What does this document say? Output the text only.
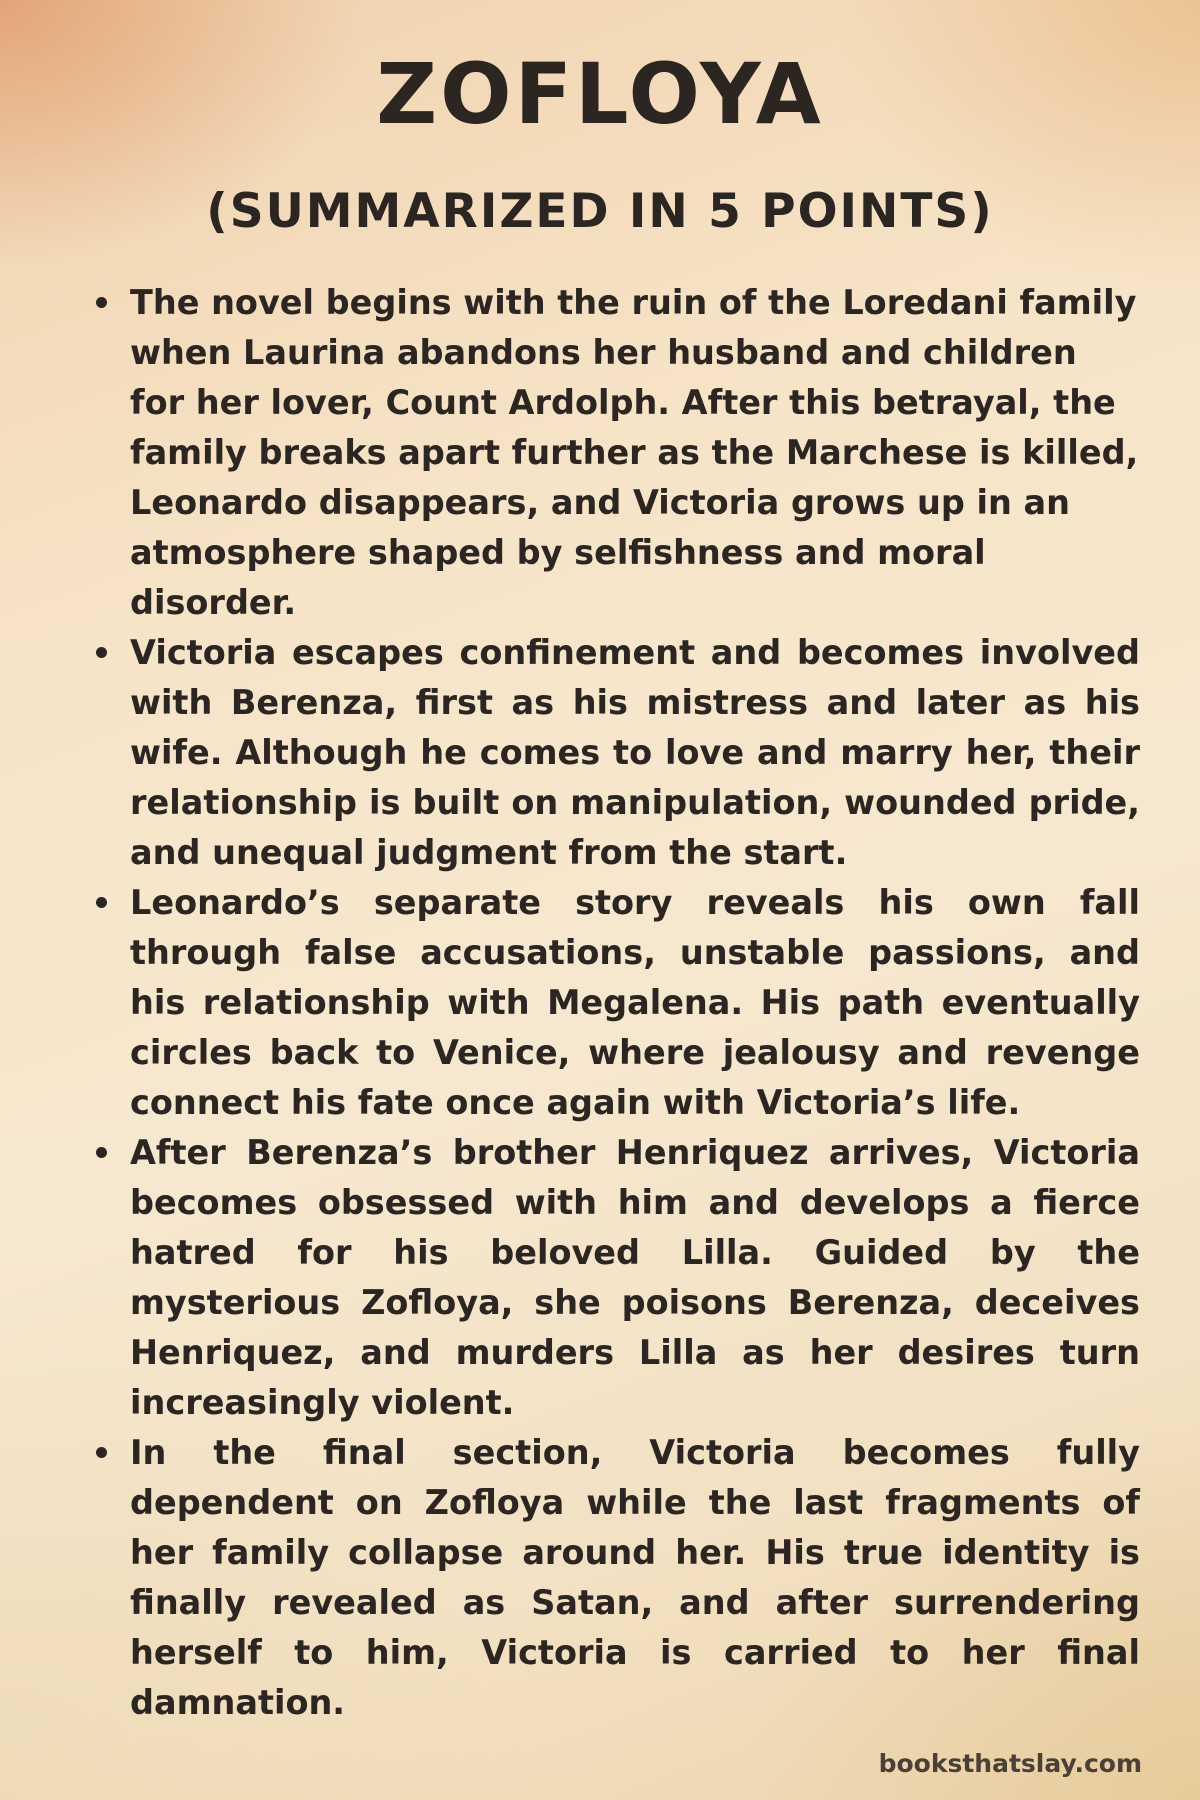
ZOFLOYA
(SUMMARIZED IN 5 POINTS)
The novel begins with the ruin of the Loredani family when Laurina abandons her husband and children for her lover, Count Ardolph. After this betrayal, the family breaks apart further as the Marchese is killed, Leonardo disappears, and Victoria grows up in an atmosphere shaped by selfishness and moral disorder.
Victoria escapes confinement and becomes involved with Berenza, first as his mistress and later as his wife. Although he comes to love and marry her, their relationship is built on manipulation, wounded pride, and unequal judgment from the start.
Leonardo’s separate story reveals his own fall through false accusations, unstable passions, and his relationship with Megalena. His path eventually circles back to Venice, where jealousy and revenge connect his fate once again with Victoria’s life.
After Berenza’s brother Henriquez arrives, Victoria becomes obsessed with him and develops a fierce hatred for his beloved Lilla. Guided by the mysterious Zofloya, she poisons Berenza, deceives Henriquez, and murders Lilla as her desires turn increasingly violent.
In the final section, Victoria becomes fully dependent on Zofloya while the last fragments of her family collapse around her. His true identity is finally revealed as Satan, and after surrendering herself to him, Victoria is carried to her final damnation.

booksthatslay.com
